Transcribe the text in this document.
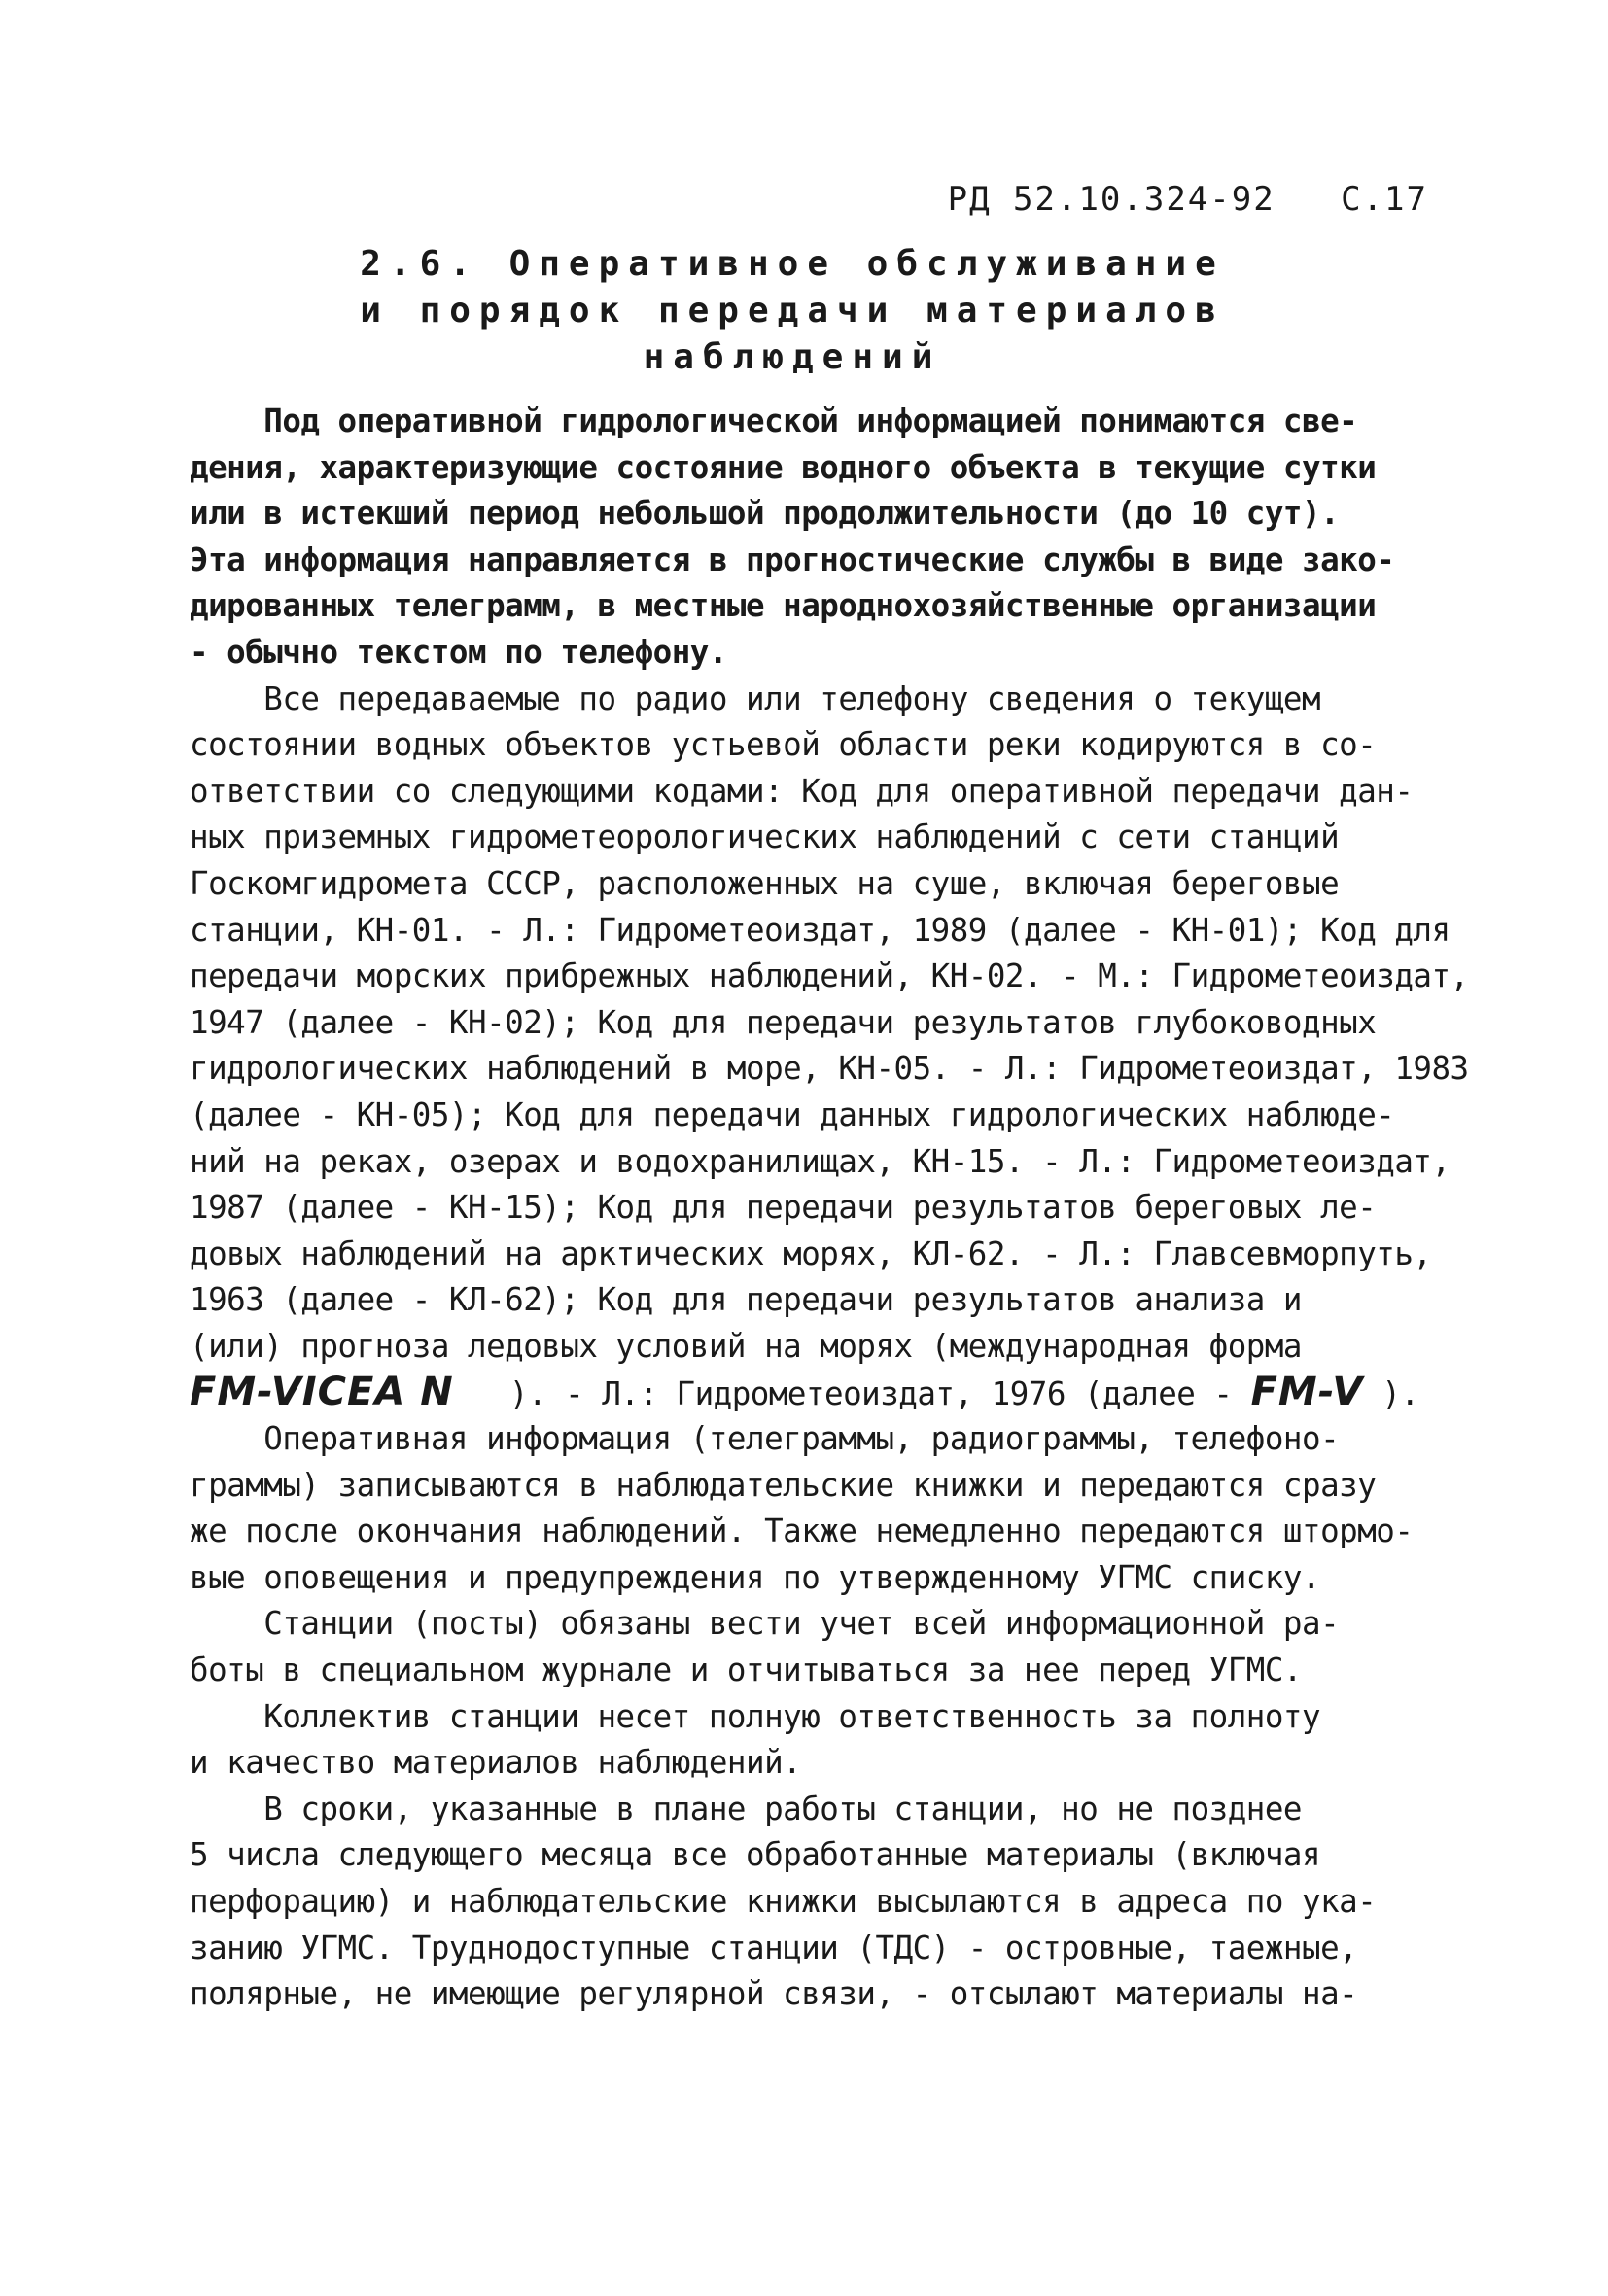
РД 52.10.324-92 С.17
2.6. Оперативное обслуживание
и порядок передачи материалов
наблюдений
Под оперативной гидрологической информацией понимаются све-
дения, характеризующие состояние водного объекта в текущие сутки
или в истекший период небольшой продолжительности (до 10 сут).
Эта информация направляется в прогностические службы в виде зако-
дированных телеграмм, в местные народнохозяйственные организации
- обычно текстом по телефону.
Все передаваемые по радио или телефону сведения о текущем
состоянии водных объектов устьевой области реки кодируются в со-
ответствии со следующими кодами: Код для оперативной передачи дан-
ных приземных гидрометеорологических наблюдений с сети станций
Госкомгидромета СССР, расположенных на суше, включая береговые
станции, КН-01. - Л.: Гидрометеоиздат, 1989 (далее - КН-01); Код для
передачи морских прибрежных наблюдений, КН-02. - М.: Гидрометеоиздат,
1947 (далее - КН-02); Код для передачи результатов глубоководных
гидрологических наблюдений в море, КН-05. - Л.: Гидрометеоиздат, 1983
(далее - КН-05); Код для передачи данных гидрологических наблюде-
ний на реках, озерах и водохранилищах, КН-15. - Л.: Гидрометеоиздат,
1987 (далее - КН-15); Код для передачи результатов береговых ле-
довых наблюдений на арктических морях, КЛ-62. - Л.: Главсевморпуть,
1963 (далее - КЛ-62); Код для передачи результатов анализа и
(или) прогноза ледовых условий на морях (международная форма
FM-VICEA N   ). - Л.: Гидрометеоиздат, 1976 (далее - FM-V ).
Оперативная информация (телеграммы, радиограммы, телефоно-
граммы) записываются в наблюдательские книжки и передаются сразу
же после окончания наблюдений. Также немедленно передаются штормо-
вые оповещения и предупреждения по утвержденному УГМС списку.
Станции (посты) обязаны вести учет всей информационной ра-
боты в специальном журнале и отчитываться за нее перед УГМС.
Коллектив станции несет полную ответственность за полноту
и качество материалов наблюдений.
В сроки, указанные в плане работы станции, но не позднее
5 числа следующего месяца все обработанные материалы (включая
перфорацию) и наблюдательские книжки высылаются в адреса по ука-
занию УГМС. Труднодоступные станции (ТДС) - островные, таежные,
полярные, не имеющие регулярной связи, - отсылают материалы на-
